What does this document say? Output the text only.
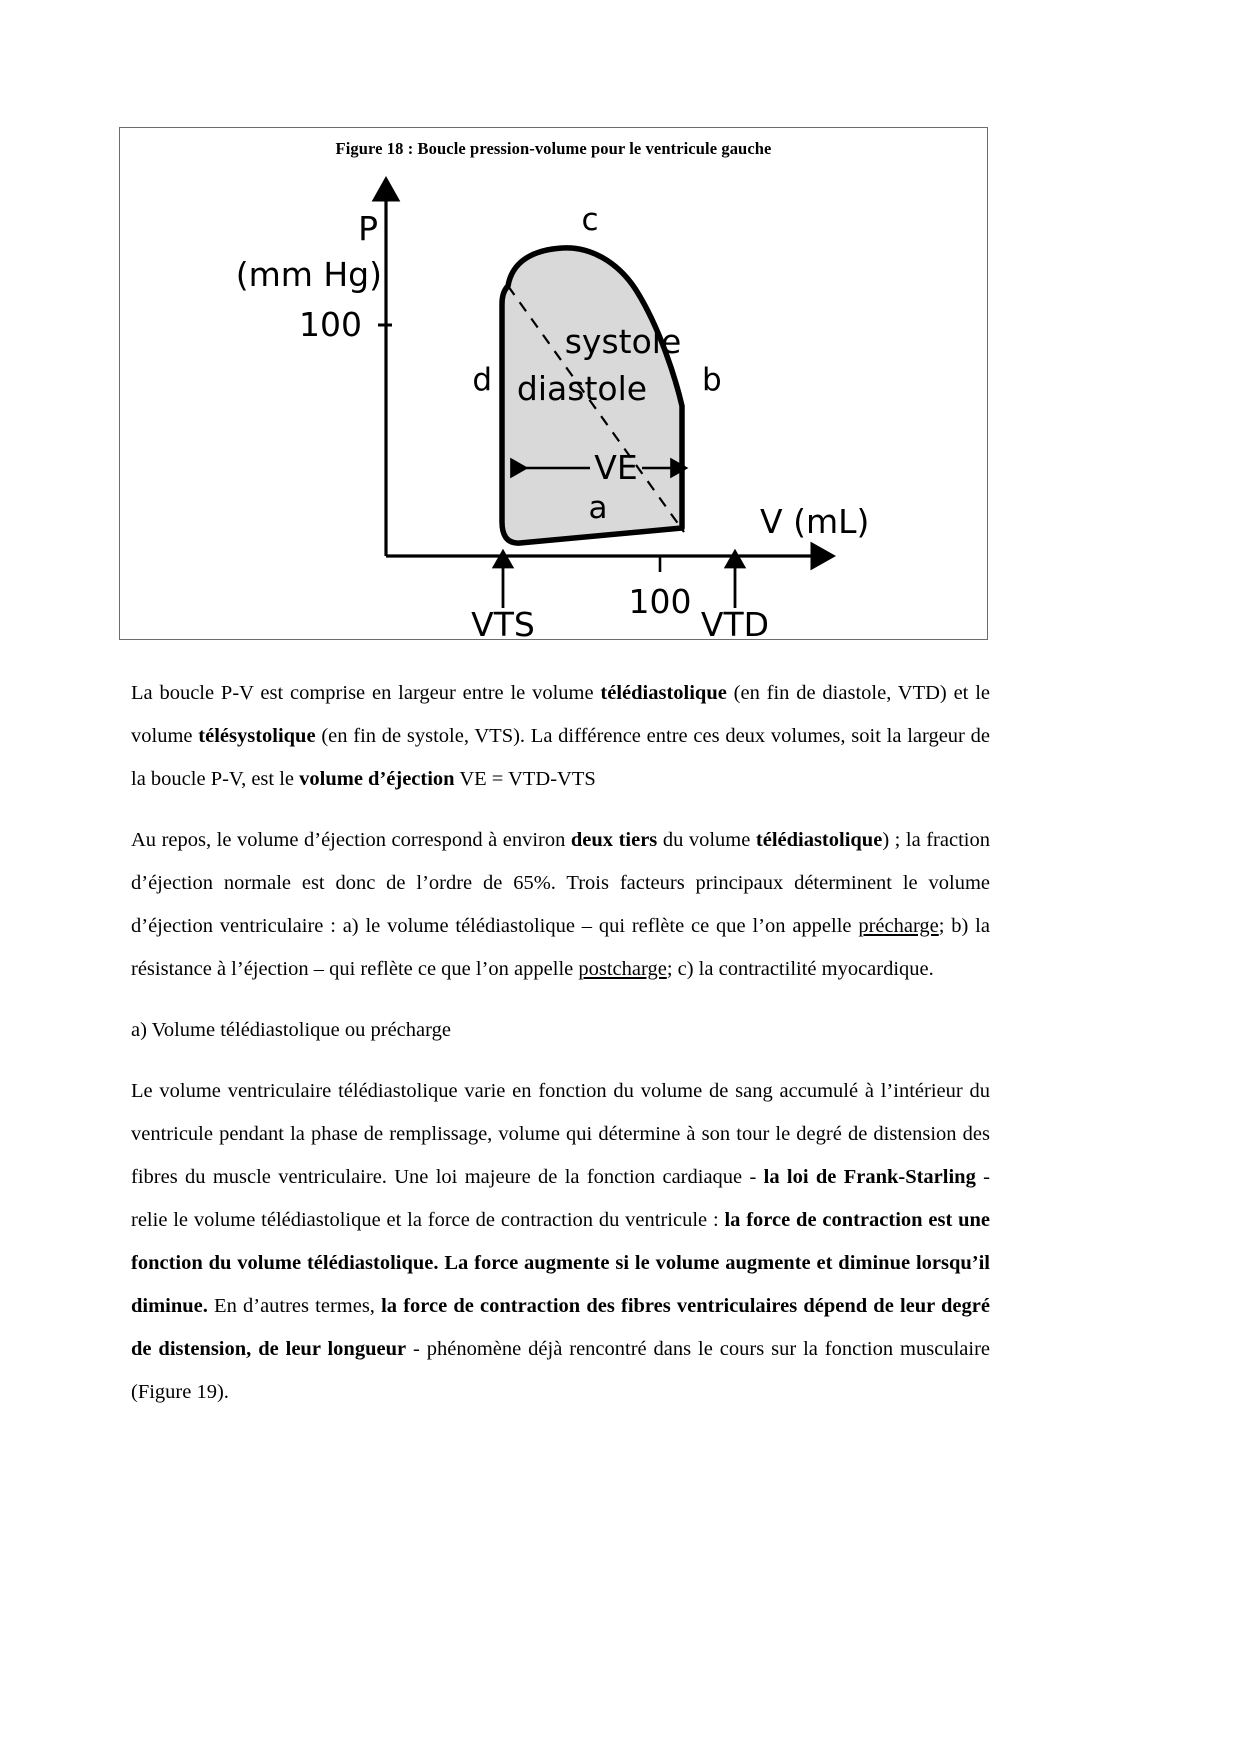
Figure 18 : Boucle pression-volume pour le ventricule gauche
P
(mm Hg)
100
V (mL)
100
VTS	VTD
c
b
d
a
systole
diastole
VE

La boucle P-V est comprise en largeur entre le volume télédiastolique (en fin de diastole, VTD) et le volume télésystolique (en fin de systole, VTS). La différence entre ces deux volumes, soit la largeur de la boucle P-V, est le volume d’éjection VE = VTD-VTS

Au repos, le volume d’éjection correspond à environ deux tiers du volume télédiastolique) ; la fraction d’éjection normale est donc de l’ordre de 65%. Trois facteurs principaux déterminent le volume d’éjection ventriculaire : a) le volume télédiastolique – qui reflète ce que l’on appelle précharge; b) la résistance à l’éjection – qui reflète ce que l’on appelle postcharge; c) la contractilité myocardique.

a) Volume télédiastolique ou précharge

Le volume ventriculaire télédiastolique varie en fonction du volume de sang accumulé à l’intérieur du ventricule pendant la phase de remplissage, volume qui détermine à son tour le degré de distension des fibres du muscle ventriculaire. Une loi majeure de la fonction cardiaque - la loi de Frank-Starling - relie le volume télédiastolique et la force de contraction du ventricule : la force de contraction est une fonction du volume télédiastolique. La force augmente si le volume augmente et diminue lorsqu’il diminue. En d’autres termes, la force de contraction des fibres ventriculaires dépend de leur degré de distension, de leur longueur - phénomène déjà rencontré dans le cours sur la fonction musculaire (Figure 19).
